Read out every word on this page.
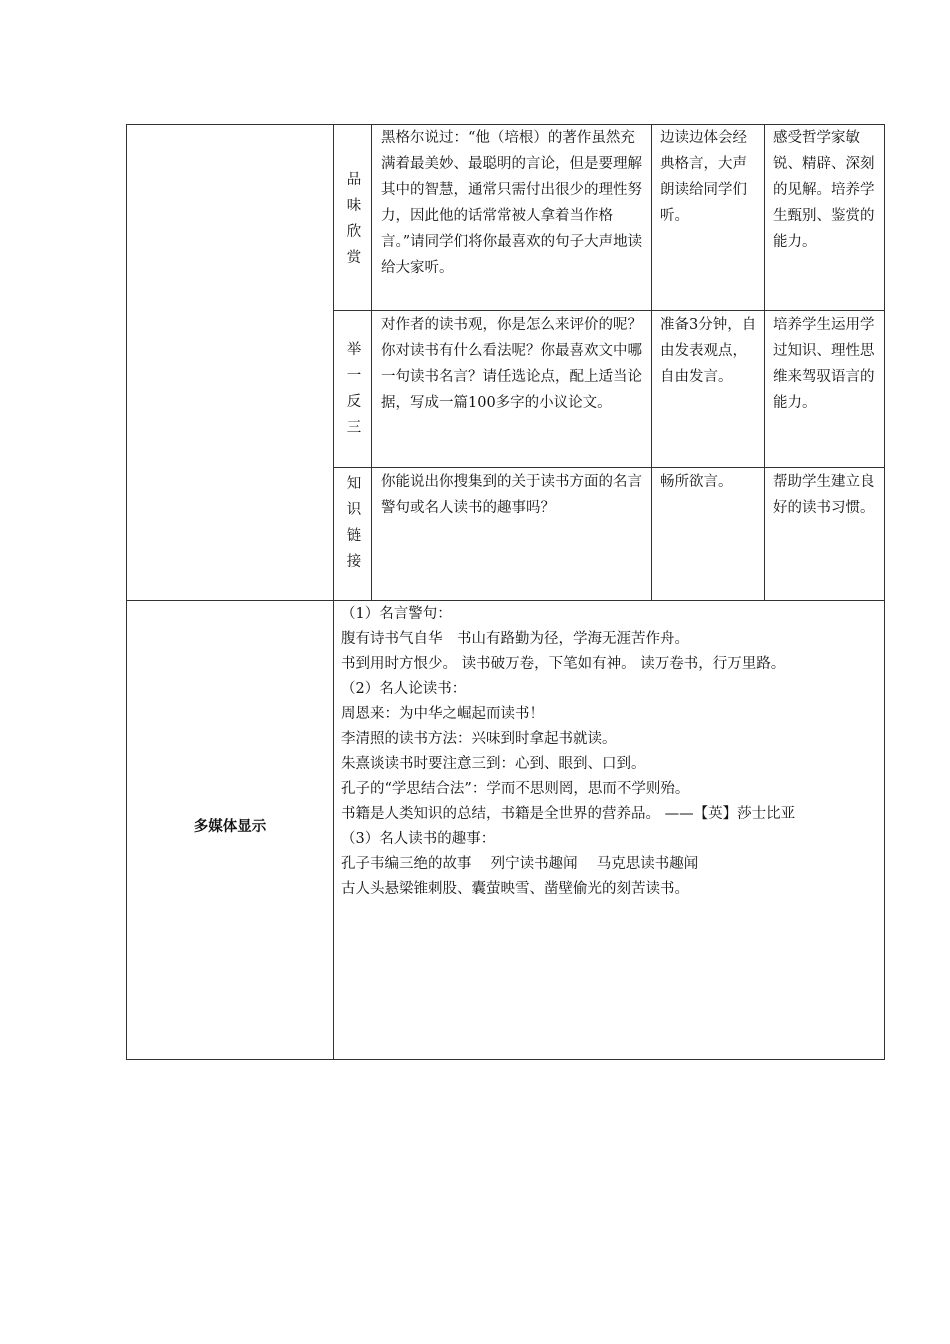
品
味
欣
赏
黑格尔说过：“他（培根）的著作虽然充满着最美妙、最聪明的言论，但是要理解其中的智慧，通常只需付出很少的理性努力，因此他的话常常被人拿着当作格言。”请同学们将你最喜欢的句子大声地读给大家听。
边读边体会经典格言，大声朗读给同学们听。
感受哲学家敏锐、精辟、深刻的见解。培养学生甄别、鉴赏的能力。
举
一
反
三
对作者的读书观，你是怎么来评价的呢？你对读书有什么看法呢？你最喜欢文中哪一句读书名言？请任选论点，配上适当论据，写成一篇100多字的小议论文。
准备3分钟，自由发表观点，自由发言。
培养学生运用学过知识、理性思维来驾驭语言的能力。
知
识
链
接
你能说出你搜集到的关于读书方面的名言警句或名人读书的趣事吗？
畅所欲言。	帮助学生建立良好的读书习惯。
多媒体显示
（1）名言警句：
腹有诗书气自华　书山有路勤为径，学海无涯苦作舟。
书到用时方恨少。 读书破万卷，下笔如有神。 读万卷书，行万里路。
（2）名人论读书：
周恩来：为中华之崛起而读书！
李清照的读书方法：兴味到时拿起书就读。
朱熹谈读书时要注意三到：心到、眼到、口到。
孔子的“学思结合法”：学而不思则罔，思而不学则殆。
书籍是人类知识的总结，书籍是全世界的营养品。 ——【英】莎士比亚
（3）名人读书的趣事：
孔子韦编三绝的故事　 列宁读书趣闻　 马克思读书趣闻
古人头悬梁锥刺股、囊萤映雪、凿壁偷光的刻苦读书。
